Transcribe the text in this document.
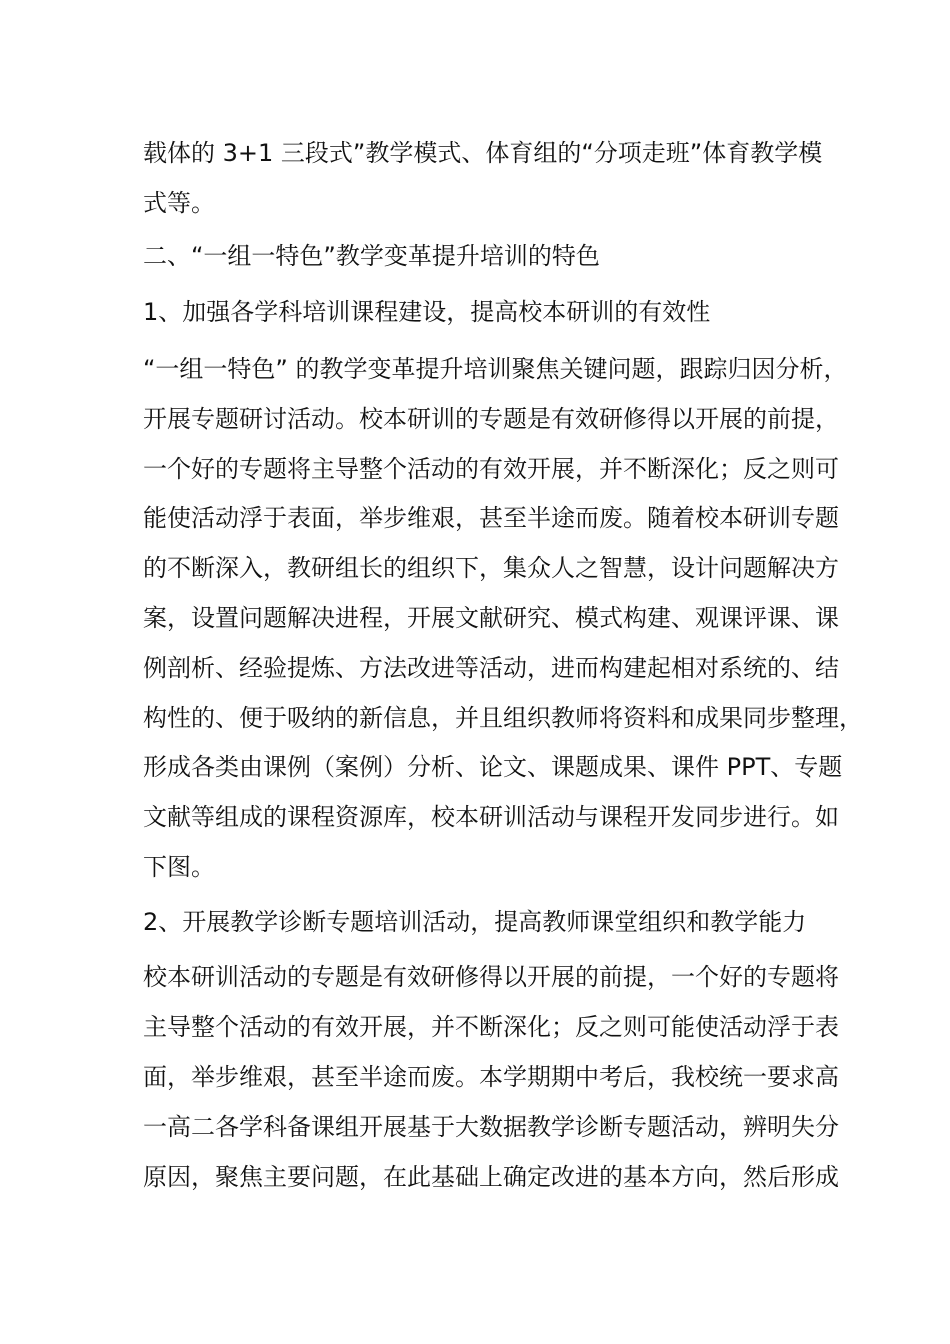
载体的 3+1 三段式”教学模式、体育组的“分项走班”体育教学模

式等。

二、“一组一特色”教学变革提升培训的特色

1、加强各学科培训课程建设，提高校本研训的有效性

“一组一特色” 的教学变革提升培训聚焦关键问题，跟踪归因分析，

开展专题研讨活动。校本研训的专题是有效研修得以开展的前提，

一个好的专题将主导整个活动的有效开展，并不断深化；反之则可

能使活动浮于表面，举步维艰，甚至半途而废。随着校本研训专题

的不断深入，教研组长的组织下，集众人之智慧，设计问题解决方

案，设置问题解决进程，开展文献研究、模式构建、观课评课、课

例剖析、经验提炼、方法改进等活动，进而构建起相对系统的、结

构性的、便于吸纳的新信息，并且组织教师将资料和成果同步整理，

形成各类由课例（案例）分析、论文、课题成果、课件 PPT、专题

文献等组成的课程资源库，校本研训活动与课程开发同步进行。如

下图。

2、开展教学诊断专题培训活动，提高教师课堂组织和教学能力

校本研训活动的专题是有效研修得以开展的前提，一个好的专题将

主导整个活动的有效开展，并不断深化；反之则可能使活动浮于表

面，举步维艰，甚至半途而废。本学期期中考后，我校统一要求高

一高二各学科备课组开展基于大数据教学诊断专题活动，辨明失分

原因，聚焦主要问题，在此基础上确定改进的基本方向，然后形成
